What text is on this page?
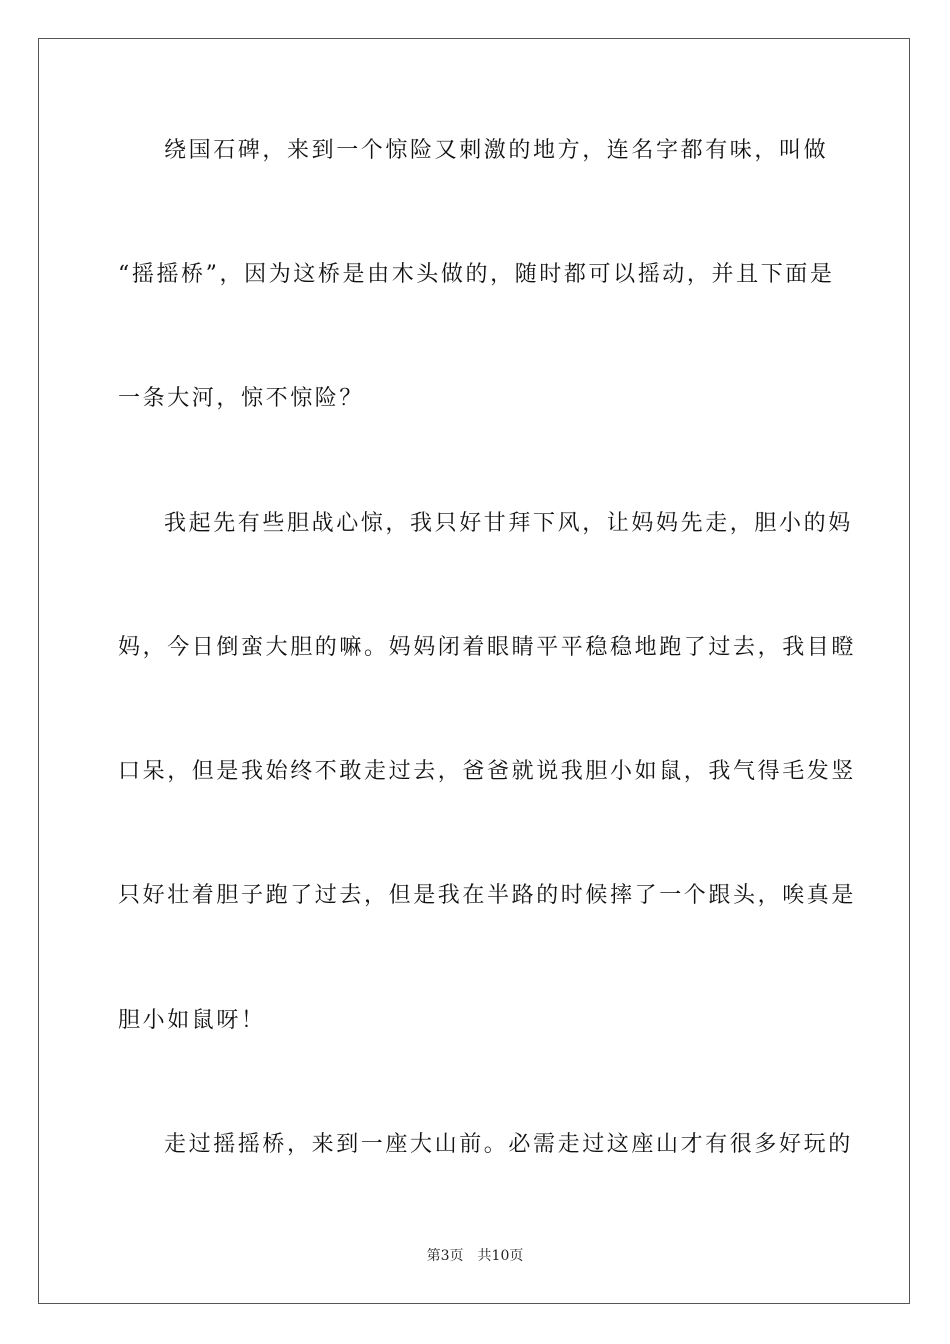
绕国石碑，来到一个惊险又刺激的地方，连名字都有味，叫做
“摇摇桥”，因为这桥是由木头做的，随时都可以摇动，并且下面是
一条大河，惊不惊险？
我起先有些胆战心惊，我只好甘拜下风，让妈妈先走，胆小的妈
妈，今日倒蛮大胆的嘛。妈妈闭着眼睛平平稳稳地跑了过去，我目瞪
口呆，但是我始终不敢走过去，爸爸就说我胆小如鼠，我气得毛发竖
只好壮着胆子跑了过去，但是我在半路的时候摔了一个跟头，唉真是
胆小如鼠呀！
走过摇摇桥，来到一座大山前。必需走过这座山才有很多好玩的
第3页 共10页
